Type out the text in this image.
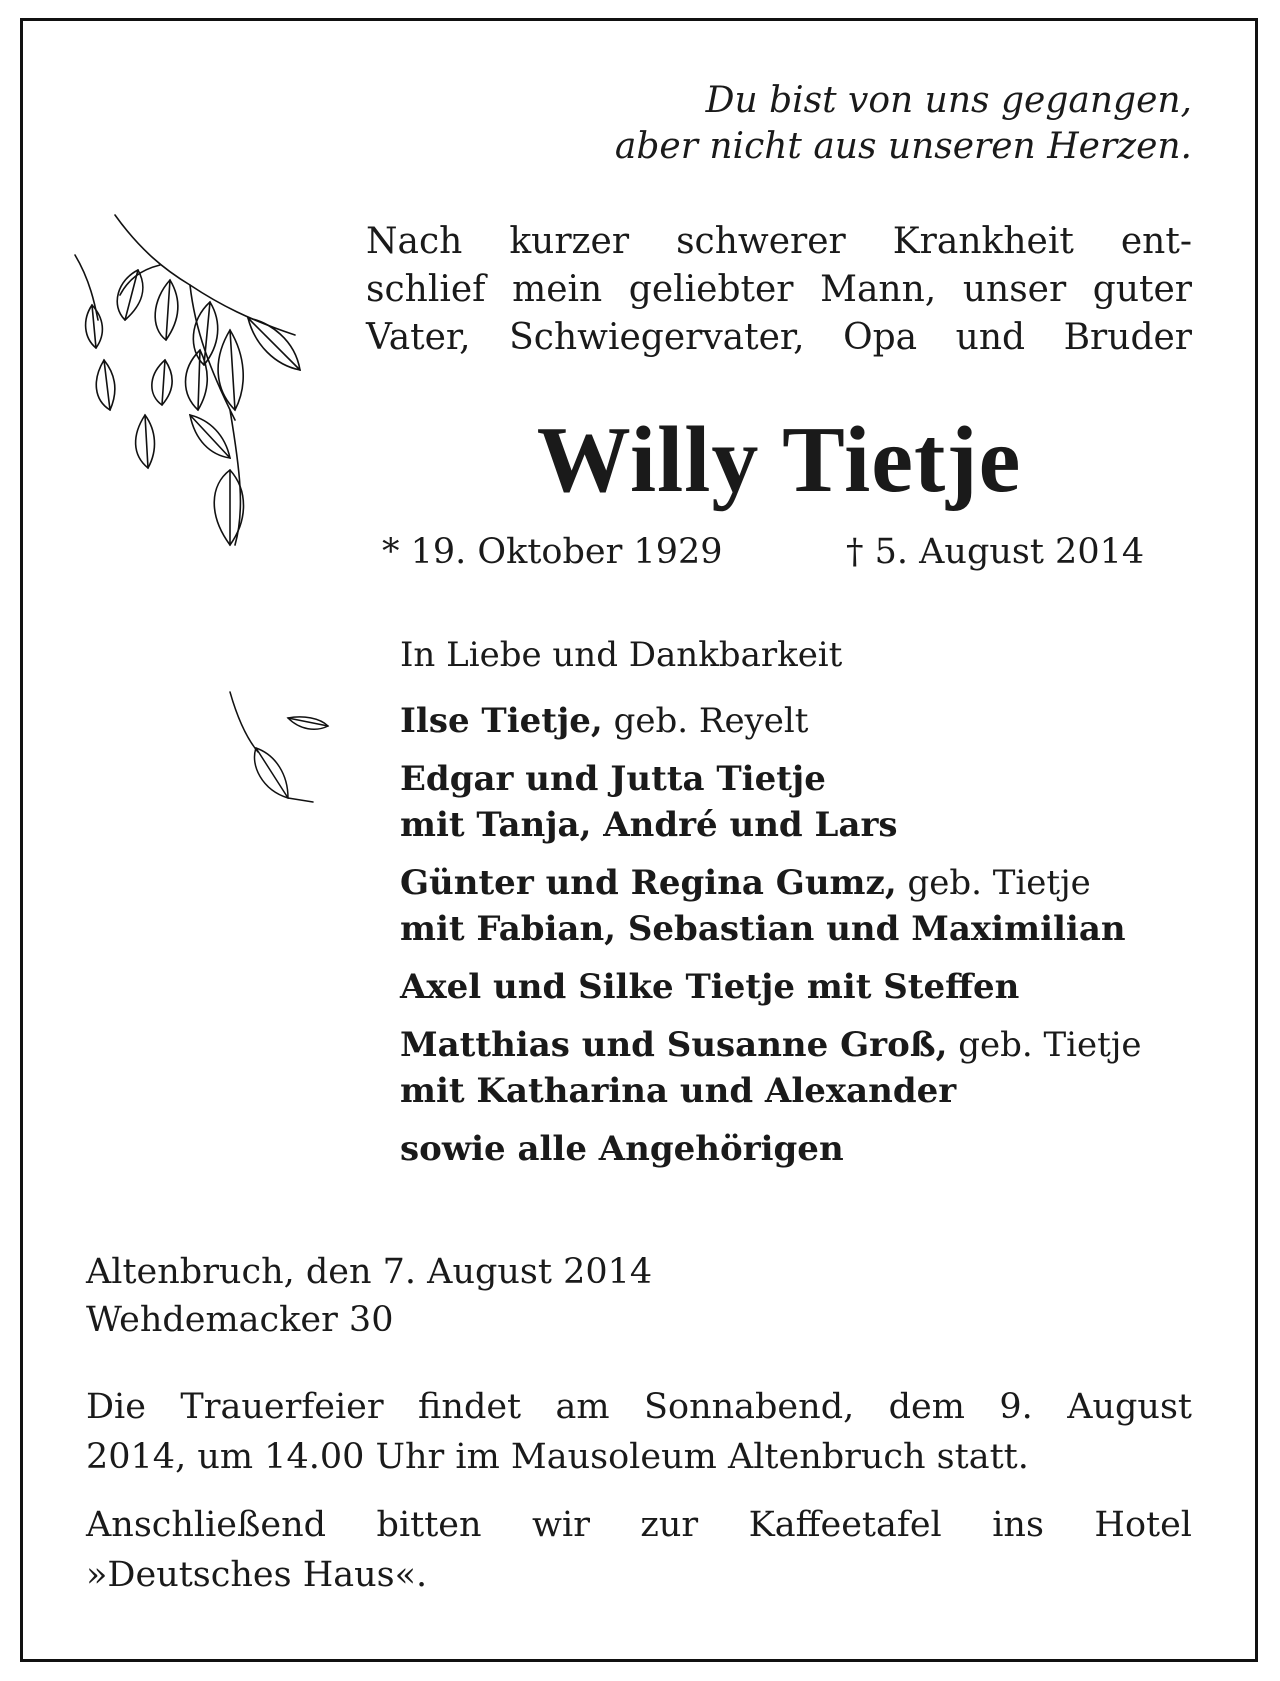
Du bist von uns gegangen,
aber nicht aus unseren Herzen.
Nach kurzer schwerer Krankheit ent-
schlief mein geliebter Mann, unser guter
Vater, Schwiegervater, Opa und Bruder
Willy Tietje
* 19. Oktober 1929	† 5. August 2014
In Liebe und Dankbarkeit
Ilse Tietje, geb. Reyelt
Edgar und Jutta Tietje
mit Tanja, André und Lars
Günter und Regina Gumz, geb. Tietje
mit Fabian, Sebastian und Maximilian
Axel und Silke Tietje mit Steffen
Matthias und Susanne Groß, geb. Tietje
mit Katharina und Alexander
sowie alle Angehörigen
Altenbruch, den 7. August 2014
Wehdemacker 30
Die Trauerfeier findet am Sonnabend, dem 9. August
2014, um 14.00 Uhr im Mausoleum Altenbruch statt.
Anschließend bitten wir zur Kaffeetafel ins Hotel
»Deutsches Haus«.
